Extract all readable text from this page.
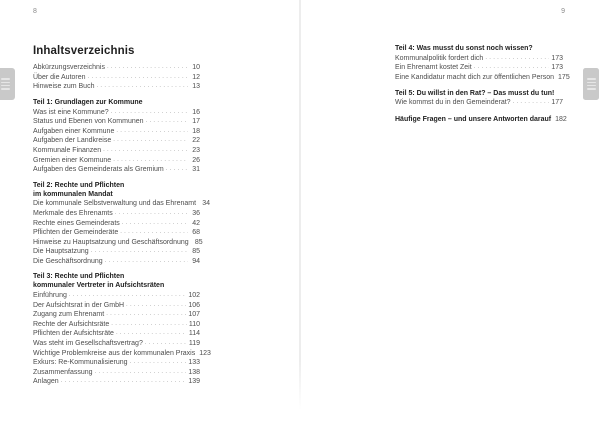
8	9
Inhaltsverzeichnis
Abkürzungsverzeichnis . . .	10
Über die Autoren . . .	12
Hinweise zum Buch . . .	13
Teil 1: Grundlagen zur Kommune
Was ist eine Kommune? . . .	16
Status und Ebenen von Kommunen . . .	17
Aufgaben einer Kommune . . .	18
Aufgaben der Landkreise . . .	22
Kommunale Finanzen . . .	23
Gremien einer Kommune . . .	26
Aufgaben des Gemeinderats als Gremium . . .	31
Teil 2: Rechte und Pflichten
im kommunalen Mandat
Die kommunale Selbstverwaltung und das Ehrenamt 34
Merkmale des Ehrenamts . . .	36
Rechte eines Gemeinderats . . .	42
Pflichten der Gemeinderäte . . .	68
Hinweise zu Hauptsatzung und Geschäftsordnung 85
Die Hauptsatzung . . .	85
Die Geschäftsordnung . . .	94
Teil 3: Rechte und Pflichten
kommunaler Vertreter in Aufsichtsräten
Einführung . . .	102
Der Aufsichtsrat in der GmbH . . .	106
Zugang zum Ehrenamt . . .	107
Rechte der Aufsichtsräte . . .	110
Pflichten der Aufsichtsräte . . .	114
Was steht im Gesellschaftsvertrag? . . .	119
Wichtige Problemkreise aus der kommunalen Praxis 123
Exkurs: Re-Kommunalisierung . . .	133
Zusammenfassung . . .	138
Anlagen . . .	139
Teil 4: Was musst du sonst noch wissen?
Kommunalpolitik fordert dich . . .	173
Ein Ehrenamt kostet Zeit . . .	173
Eine Kandidatur macht dich zur öffentlichen Person 175
Teil 5: Du willst in den Rat? – Das musst du tun!
Wie kommst du in den Gemeinderat? . . .	177
Häufige Fragen – und unsere Antworten darauf 182
